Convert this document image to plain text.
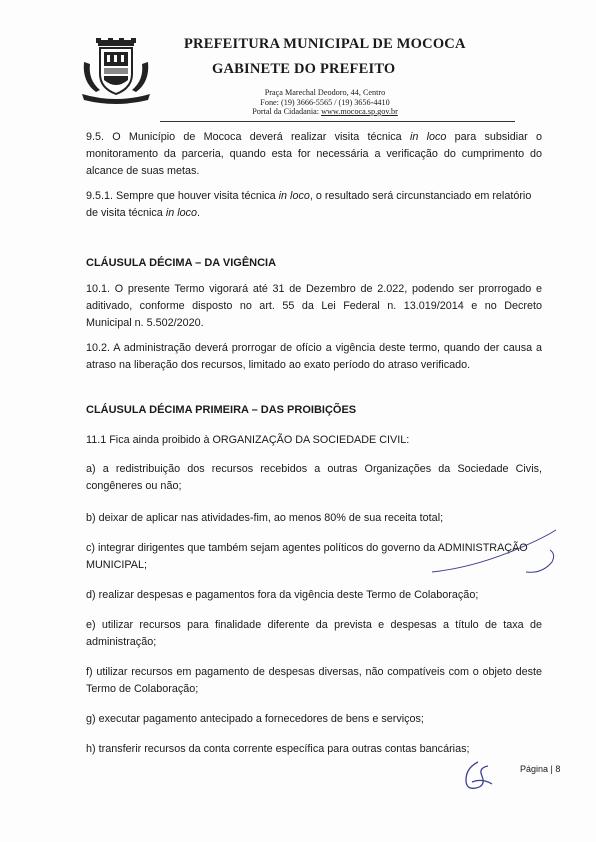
PREFEITURA MUNICIPAL DE MOCOCA
GABINETE DO PREFEITO
Praça Marechal Deodoro, 44, Centro
Fone: (19) 3666-5565 / (19) 3656-4410
Portal da Cidadania: www.mococa.sp.gov.br
9.5. O Município de Mococa deverá realizar visita técnica in loco para subsidiar o
monitoramento da parceria, quando esta for necessária a verificação do cumprimento do
alcance de suas metas.
9.5.1. Sempre que houver visita técnica in loco, o resultado será circunstanciado em relatório
de visita técnica in loco.
CLÁUSULA DÉCIMA – DA VIGÊNCIA
10.1. O presente Termo vigorará até 31 de Dezembro de 2.022, podendo ser prorrogado e
aditivado, conforme disposto no art. 55 da Lei Federal n. 13.019/2014 e no Decreto
Municipal n. 5.502/2020.
10.2. A administração deverá prorrogar de ofício a vigência deste termo, quando der causa a
atraso na liberação dos recursos, limitado ao exato período do atraso verificado.
CLÁUSULA DÉCIMA PRIMEIRA – DAS PROIBIÇÕES
11.1 Fica ainda proibido à ORGANIZAÇÃO DA SOCIEDADE CIVIL:
a) a redistribuição dos recursos recebidos a outras Organizações da Sociedade Civis,
congêneres ou não;
b) deixar de aplicar nas atividades-fim, ao menos 80% de sua receita total;
c) integrar dirigentes que também sejam agentes políticos do governo da ADMINISTRAÇÃO
MUNICIPAL;
d) realizar despesas e pagamentos fora da vigência deste Termo de Colaboração;
e) utilizar recursos para finalidade diferente da prevista e despesas a título de taxa de
administração;
f) utilizar recursos em pagamento de despesas diversas, não compatíveis com o objeto deste
Termo de Colaboração;
g) executar pagamento antecipado a fornecedores de bens e serviços;
h) transferir recursos da conta corrente específica para outras contas bancárias;
Página | 8
